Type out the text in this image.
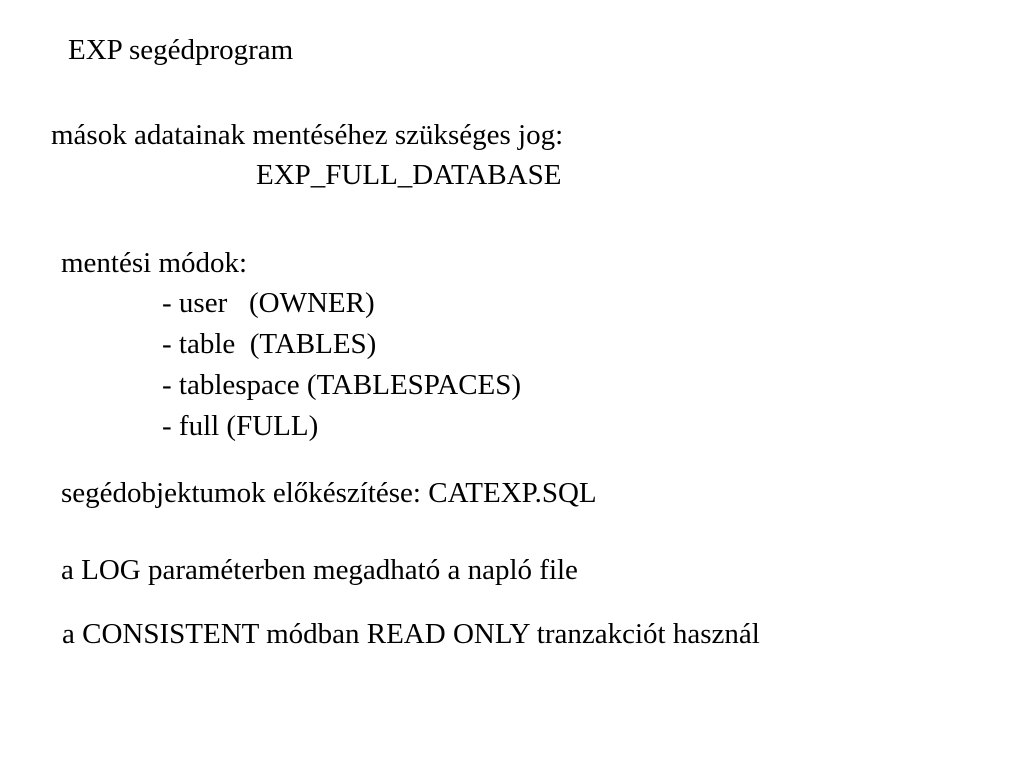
EXP segédprogram
mások adatainak mentéséhez szükséges jog:
EXP_FULL_DATABASE
mentési módok:
- user   (OWNER)
- table  (TABLES)
- tablespace (TABLESPACES)
- full (FULL)
segédobjektumok előkészítése: CATEXP.SQL
a LOG paraméterben megadható a napló file
a CONSISTENT módban READ ONLY tranzakciót használ
